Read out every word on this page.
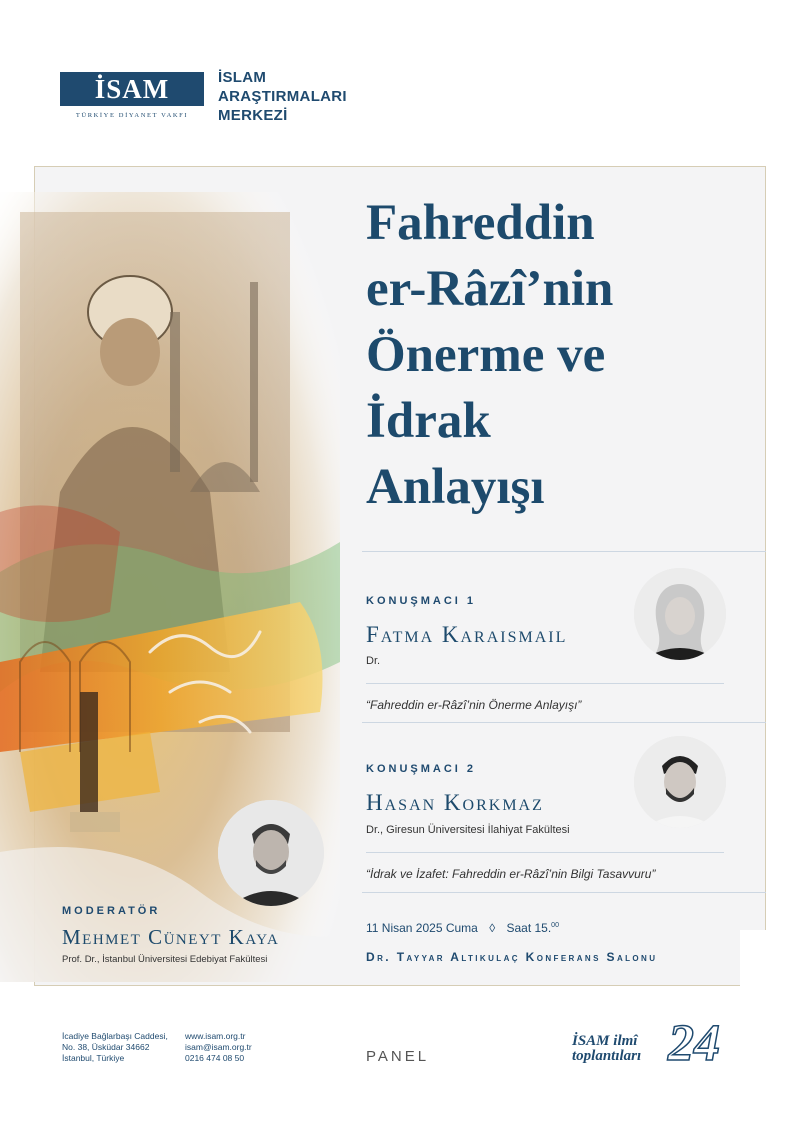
İSAM
TÜRKİYE DİYANET VAKFI
İSLAM
ARAŞTIRMALARI
MERKEZİ
Fahreddin
er-Râzî’nin
Önerme ve
İdrak
Anlayışı
KONUŞMACI 1
Fatma Karaismail
Dr.
“Fahreddin er-Râzî’nin Önerme Anlayışı”
KONUŞMACI 2
Hasan Korkmaz
Dr., Giresun Üniversitesi İlahiyat Fakültesi
“İdrak ve İzafet: Fahreddin er-Râzî’nin Bilgi Tasavvuru”
11 Nisan 2025 Cuma ◊ Saat 15.00
Dr. Tayyar Altıkulaç Konferans Salonu
MODERATÖR
Mehmet Cüneyt Kaya
Prof. Dr., İstanbul Üniversitesi Edebiyat Fakültesi
İcadiye Bağlarbaşı Caddesi,
No. 38, Üsküdar 34662
İstanbul, Türkiye
www.isam.org.tr
isam@isam.org.tr
0216 474 08 50	PANEL
İSAM ilmî
toplantıları 24
